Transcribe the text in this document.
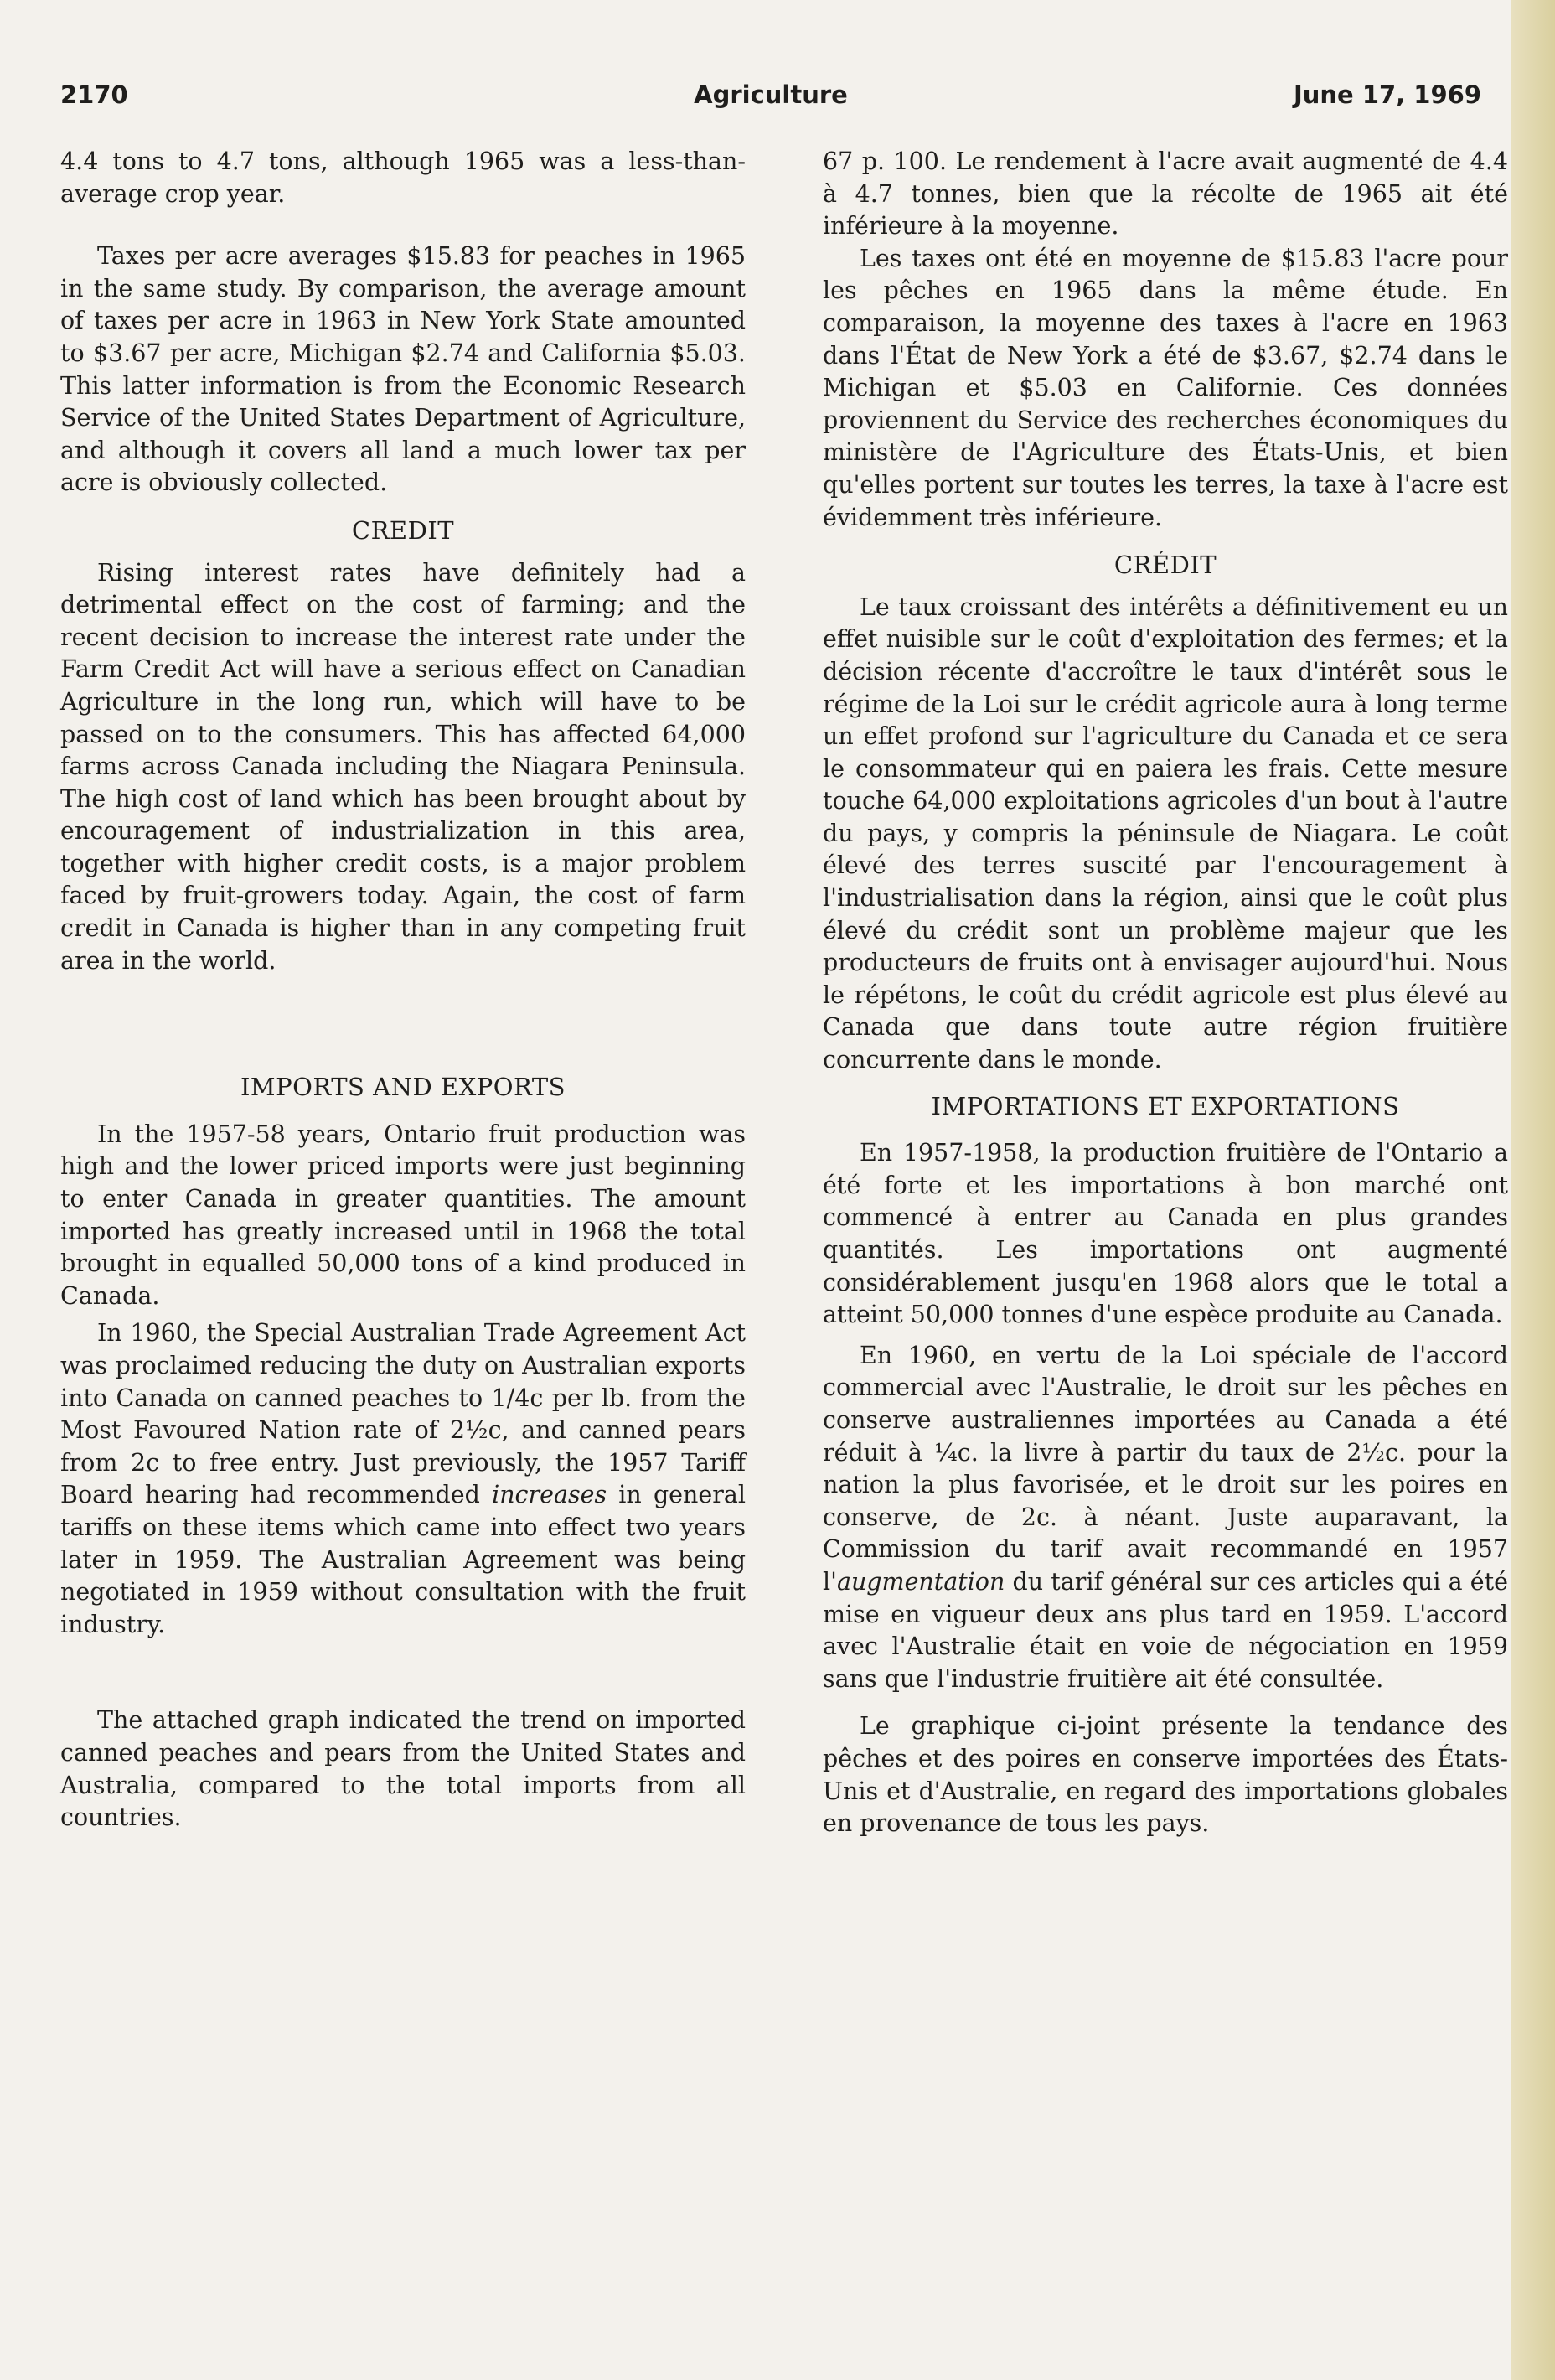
2170	Agriculture	June 17, 1969

4.4 tons to 4.7 tons, although 1965 was a less-than-average crop year.

Taxes per acre averages $15.83 for peaches in 1965 in the same study. By comparison, the average amount of taxes per acre in 1963 in New York State amounted to $3.67 per acre, Michigan $2.74 and California $5.03. This latter information is from the Economic Research Service of the United States Department of Agriculture, and although it covers all land a much lower tax per acre is obviously collected.

CREDIT

Rising interest rates have definitely had a detrimental effect on the cost of farming; and the recent decision to increase the interest rate under the Farm Credit Act will have a serious effect on Canadian Agriculture in the long run, which will have to be passed on to the consumers. This has affected 64,000 farms across Canada including the Niagara Peninsula. The high cost of land which has been brought about by encouragement of industrialization in this area, together with higher credit costs, is a major problem faced by fruit-growers today. Again, the cost of farm credit in Canada is higher than in any competing fruit area in the world.

IMPORTS AND EXPORTS

In the 1957-58 years, Ontario fruit production was high and the lower priced imports were just beginning to enter Canada in greater quantities. The amount imported has greatly increased until in 1968 the total brought in equalled 50,000 tons of a kind produced in Canada.

In 1960, the Special Australian Trade Agreement Act was proclaimed reducing the duty on Australian exports into Canada on canned peaches to 1/4c per lb. from the Most Favoured Nation rate of 2½c, and canned pears from 2c to free entry. Just previously, the 1957 Tariff Board hearing had recommended increases in general tariffs on these items which came into effect two years later in 1959. The Australian Agreement was being negotiated in 1959 without consultation with the fruit industry.

The attached graph indicated the trend on imported canned peaches and pears from the United States and Australia, compared to the total imports from all countries.

67 p. 100. Le rendement à l'acre avait augmenté de 4.4 à 4.7 tonnes, bien que la récolte de 1965 ait été inférieure à la moyenne.

Les taxes ont été en moyenne de $15.83 l'acre pour les pêches en 1965 dans la même étude. En comparaison, la moyenne des taxes à l'acre en 1963 dans l'État de New York a été de $3.67, $2.74 dans le Michigan et $5.03 en Californie. Ces données proviennent du Service des recherches économiques du ministère de l'Agriculture des États-Unis, et bien qu'elles portent sur toutes les terres, la taxe à l'acre est évidemment très inférieure.

CRÉDIT

Le taux croissant des intérêts a définitivement eu un effet nuisible sur le coût d'exploitation des fermes; et la décision récente d'accroître le taux d'intérêt sous le régime de la Loi sur le crédit agricole aura à long terme un effet profond sur l'agriculture du Canada et ce sera le consommateur qui en paiera les frais. Cette mesure touche 64,000 exploitations agricoles d'un bout à l'autre du pays, y compris la péninsule de Niagara. Le coût élevé des terres suscité par l'encouragement à l'industrialisation dans la région, ainsi que le coût plus élevé du crédit sont un problème majeur que les producteurs de fruits ont à envisager aujourd'hui. Nous le répétons, le coût du crédit agricole est plus élevé au Canada que dans toute autre région fruitière concurrente dans le monde.

IMPORTATIONS ET EXPORTATIONS

En 1957-1958, la production fruitière de l'Ontario a été forte et les importations à bon marché ont commencé à entrer au Canada en plus grandes quantités. Les importations ont augmenté considérablement jusqu'en 1968 alors que le total a atteint 50,000 tonnes d'une espèce produite au Canada.

En 1960, en vertu de la Loi spéciale de l'accord commercial avec l'Australie, le droit sur les pêches en conserve australiennes importées au Canada a été réduit à ¼c. la livre à partir du taux de 2½c. pour la nation la plus favorisée, et le droit sur les poires en conserve, de 2c. à néant. Juste auparavant, la Commission du tarif avait recommandé en 1957 l'augmentation du tarif général sur ces articles qui a été mise en vigueur deux ans plus tard en 1959. L'accord avec l'Australie était en voie de négociation en 1959 sans que l'industrie fruitière ait été consultée.

Le graphique ci-joint présente la tendance des pêches et des poires en conserve importées des États-Unis et d'Australie, en regard des importations globales en provenance de tous les pays.
